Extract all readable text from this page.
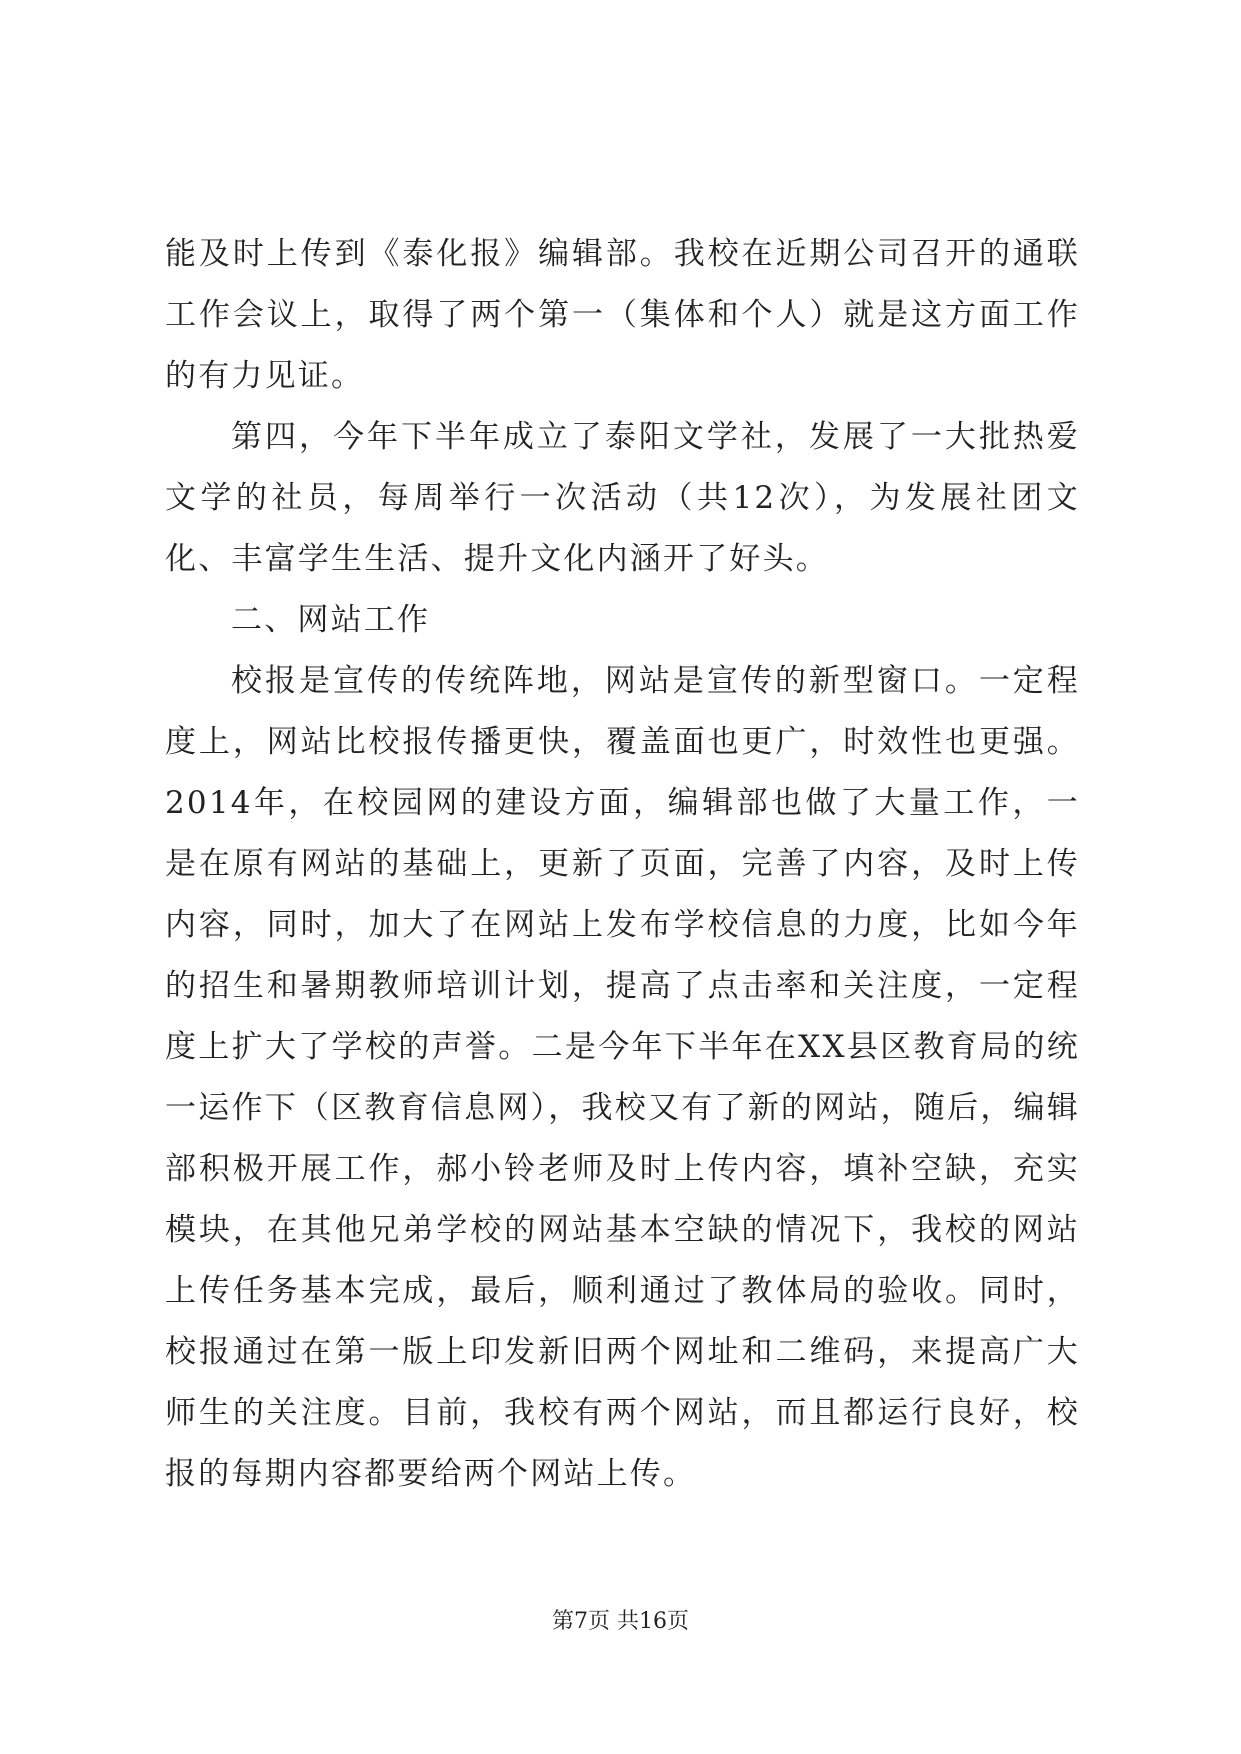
能及时上传到《泰化报》编辑部。我校在近期公司召开的通联工作会议上，取得了两个第一（集体和个人）就是这方面工作的有力见证。

第四，今年下半年成立了泰阳文学社，发展了一大批热爱文学的社员，每周举行一次活动（共12次），为发展社团文化、丰富学生生活、提升文化内涵开了好头。

二、网站工作

校报是宣传的传统阵地，网站是宣传的新型窗口。一定程度上，网站比校报传播更快，覆盖面也更广，时效性也更强。2014年，在校园网的建设方面，编辑部也做了大量工作，一是在原有网站的基础上，更新了页面，完善了内容，及时上传内容，同时，加大了在网站上发布学校信息的力度，比如今年的招生和暑期教师培训计划，提高了点击率和关注度，一定程度上扩大了学校的声誉。二是今年下半年在XX县区教育局的统一运作下（区教育信息网），我校又有了新的网站，随后，编辑部积极开展工作，郝小铃老师及时上传内容，填补空缺，充实模块，在其他兄弟学校的网站基本空缺的情况下，我校的网站上传任务基本完成，最后，顺利通过了教体局的验收。同时，校报通过在第一版上印发新旧两个网址和二维码，来提高广大师生的关注度。目前，我校有两个网站，而且都运行良好，校报的每期内容都要给两个网站上传。

第7页 共16页
